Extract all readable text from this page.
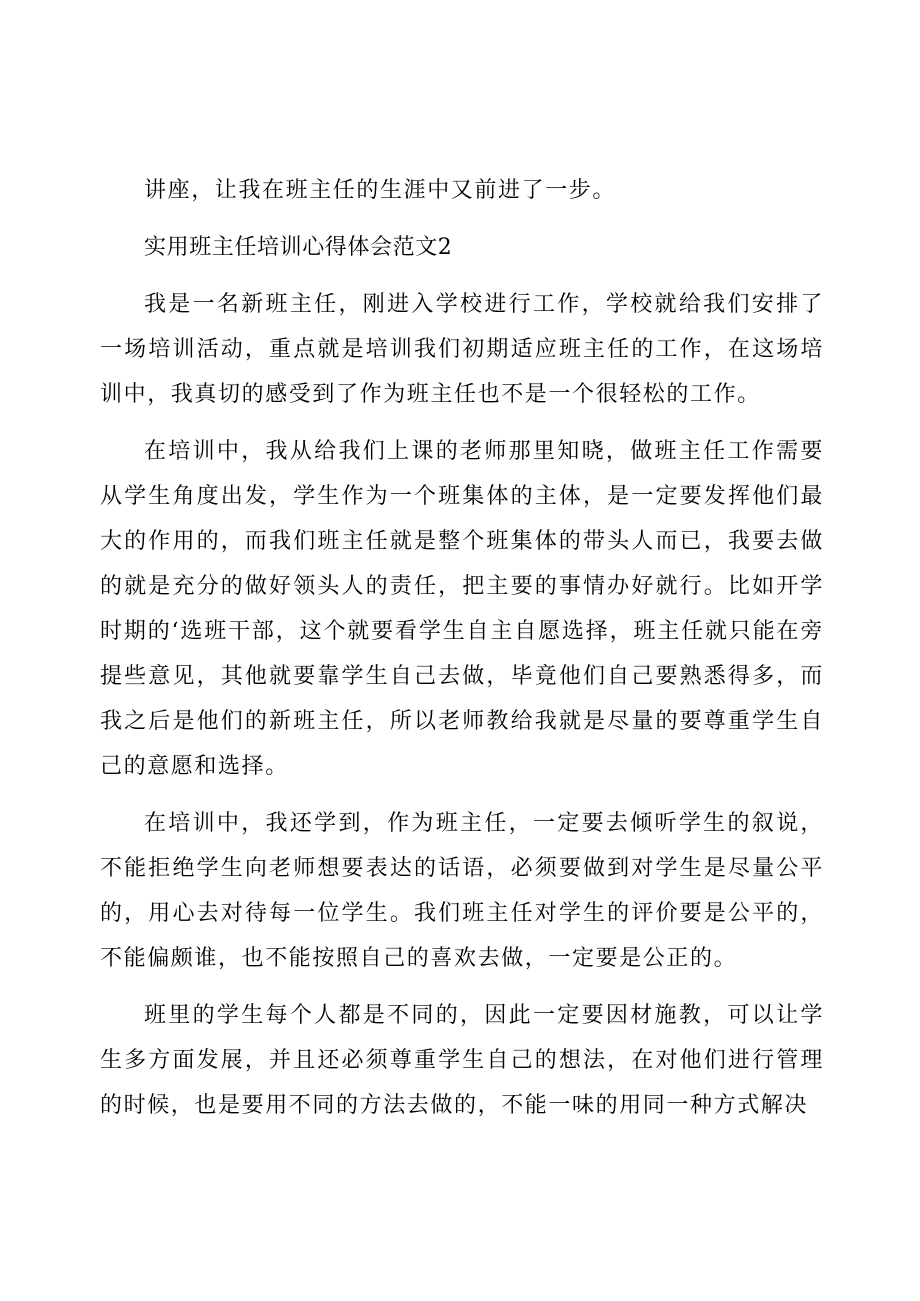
讲座，让我在班主任的生涯中又前进了一步。

实用班主任培训心得体会范文2

我是一名新班主任，刚进入学校进行工作，学校就给我们安排了一场培训活动，重点就是培训我们初期适应班主任的工作，在这场培训中，我真切的感受到了作为班主任也不是一个很轻松的工作。

在培训中，我从给我们上课的老师那里知晓，做班主任工作需要从学生角度出发，学生作为一个班集体的主体，是一定要发挥他们最大的作用的，而我们班主任就是整个班集体的带头人而已，我要去做的就是充分的做好领头人的责任，把主要的事情办好就行。比如开学时期的‘选班干部，这个就要看学生自主自愿选择，班主任就只能在旁提些意见，其他就要靠学生自己去做，毕竟他们自己要熟悉得多，而我之后是他们的新班主任，所以老师教给我就是尽量的要尊重学生自己的意愿和选择。

在培训中，我还学到，作为班主任，一定要去倾听学生的叙说，不能拒绝学生向老师想要表达的话语，必须要做到对学生是尽量公平的，用心去对待每一位学生。我们班主任对学生的评价要是公平的，不能偏颇谁，也不能按照自己的喜欢去做，一定要是公正的。

班里的学生每个人都是不同的，因此一定要因材施教，可以让学生多方面发展，并且还必须尊重学生自己的想法，在对他们进行管理的时候，也是要用不同的方法去做的，不能一味的用同一种方式解决
